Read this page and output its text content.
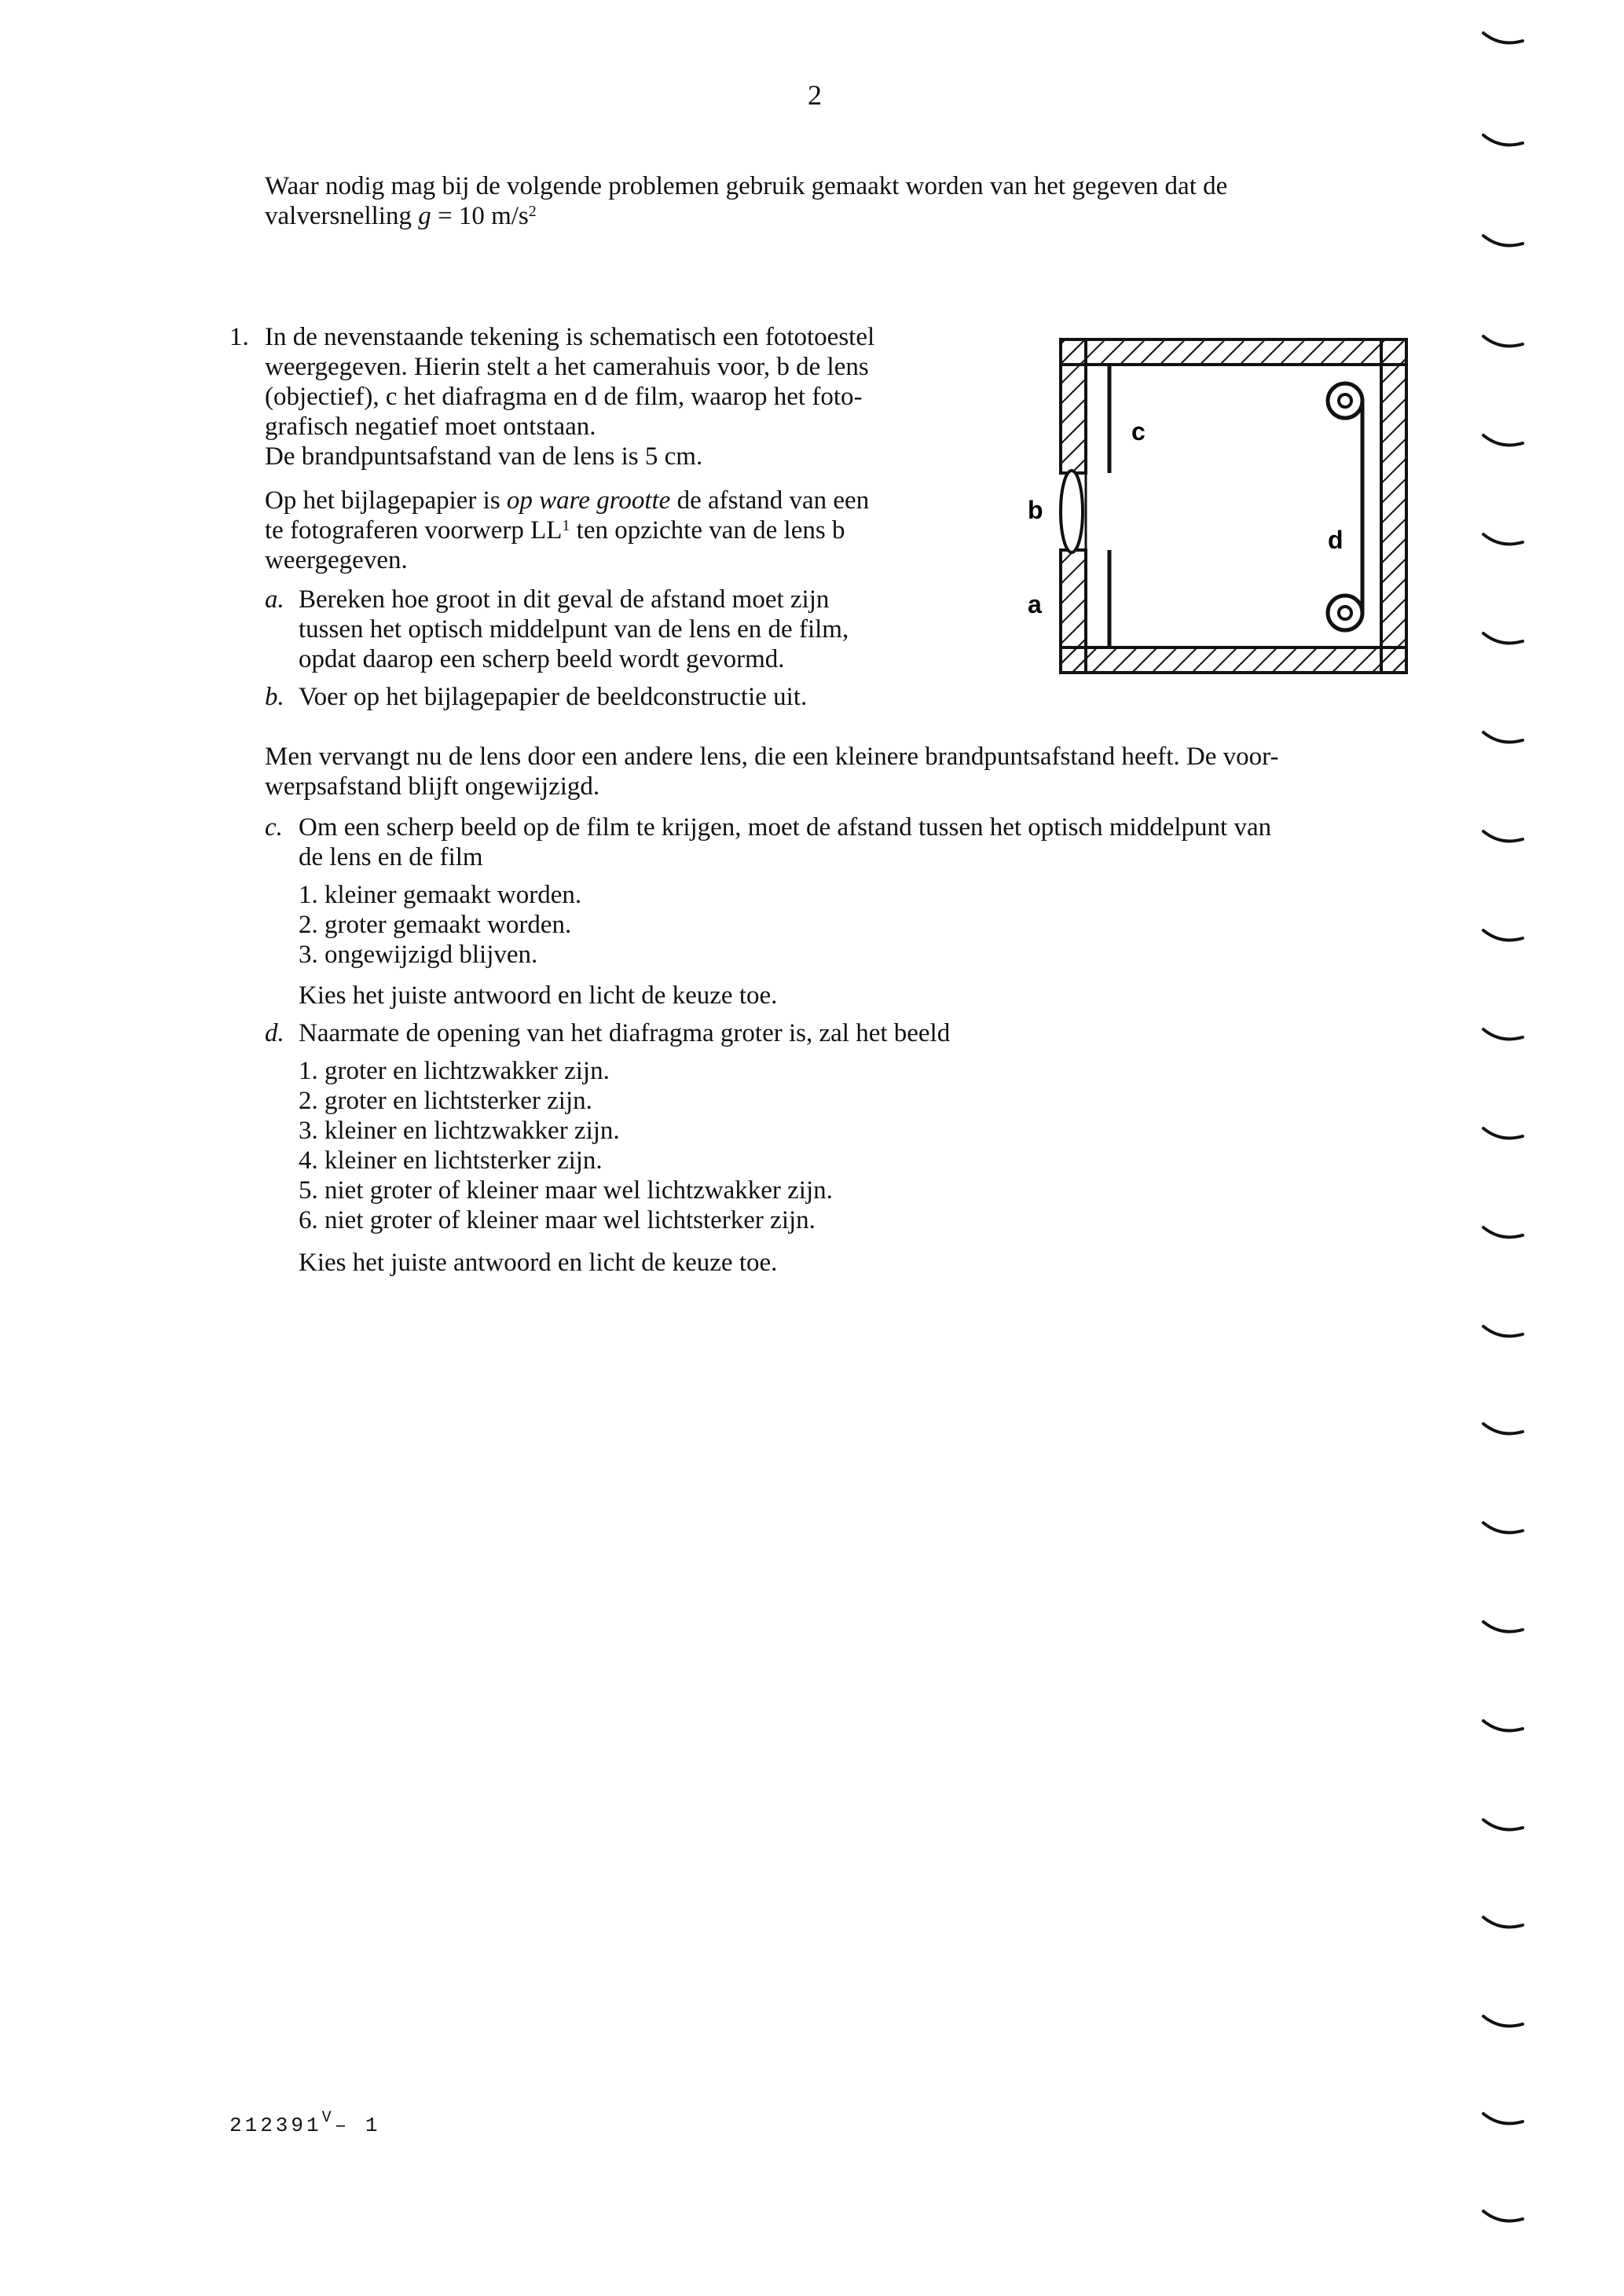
2
Waar nodig mag bij de volgende problemen gebruik gemaakt worden van het gegeven dat de
valversnelling g = 10 $m/s^2$
1. In de nevenstaande tekening is schematisch een fototoestel
weergegeven. Hierin stelt a het camerahuis voor, b de lens
(objectief), c het diafragma en d de film, waarop het foto-
grafisch negatief moet ontstaan.
De brandpuntsafstand van de lens is 5 cm.
Op het bijlagepapier is op ware grootte de afstand van een
te fotograferen voorwerp $LL^1$ ten opzichte van de lens b
weergegeven.
a. Bereken hoe groot in dit geval de afstand moet zijn
tussen het optisch middelpunt van de lens en de film,
opdat daarop een scherp beeld wordt gevormd.
b. Voer op het bijlagepapier de beeldconstructie uit.
Men vervangt nu de lens door een andere lens, die een kleinere brandpuntsafstand heeft. De voor-
werpsafstand blijft ongewijzigd.
c. Om een scherp beeld op de film te krijgen, moet de afstand tussen het optisch middelpunt van
de lens en de film
1. kleiner gemaakt worden.
2. groter gemaakt worden.
3. ongewijzigd blijven.
Kies het juiste antwoord en licht de keuze toe.
d. Naarmate de opening van het diafragma groter is, zal het beeld
1. groter en lichtzwakker zijn.
2. groter en lichtsterker zijn.
3. kleiner en lichtzwakker zijn.
4. kleiner en lichtsterker zijn.
5. niet groter of kleiner maar wel lichtzwakker zijn.
6. niet groter of kleiner maar wel lichtsterker zijn.
Kies het juiste antwoord en licht de keuze toe.
a
b
c
d
$212391^V-$ 1
